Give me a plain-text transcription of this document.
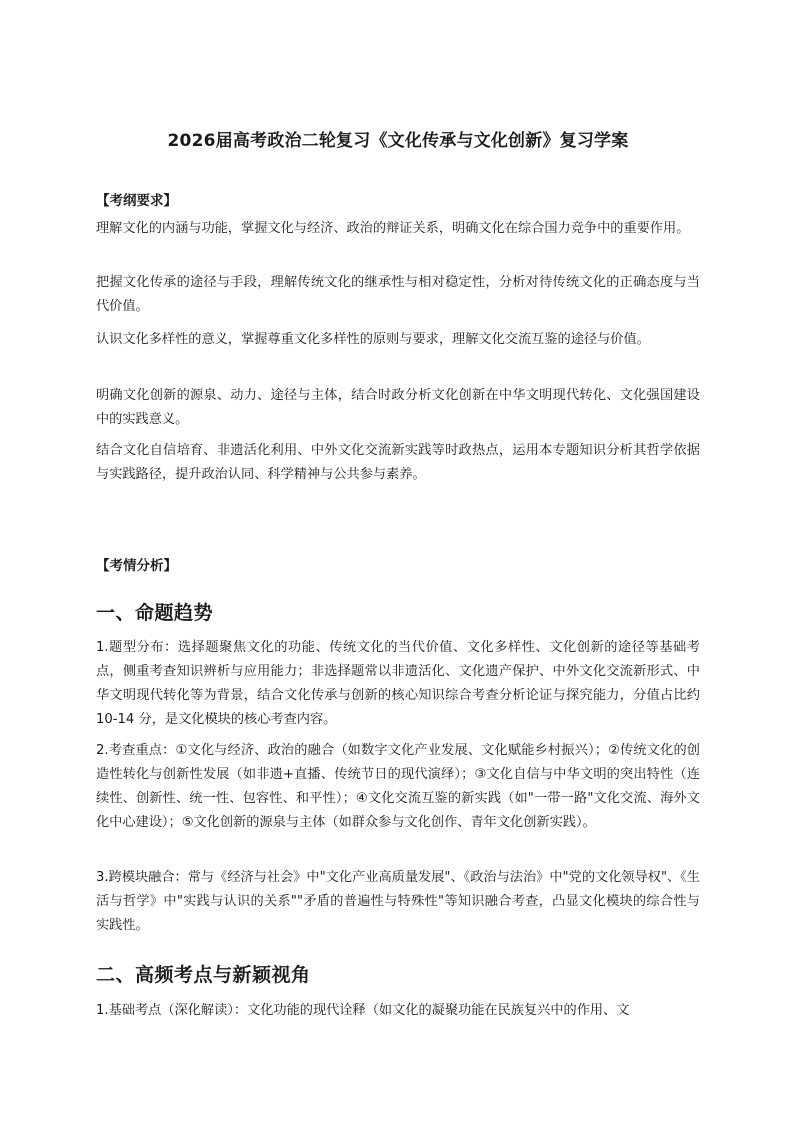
2026届高考政治二轮复习《文化传承与文化创新》复习学案

【考纲要求】

理解文化的内涵与功能，掌握文化与经济、政治的辩证关系，明确文化在综合国力竞争中的重要作用。

把握文化传承的途径与手段，理解传统文化的继承性与相对稳定性，分析对待传统文化的正确态度与当代价值。

认识文化多样性的意义，掌握尊重文化多样性的原则与要求，理解文化交流互鉴的途径与价值。

明确文化创新的源泉、动力、途径与主体，结合时政分析文化创新在中华文明现代转化、文化强国建设中的实践意义。

结合文化自信培育、非遗活化利用、中外文化交流新实践等时政热点，运用本专题知识分析其哲学依据与实践路径，提升政治认同、科学精神与公共参与素养。

【考情分析】

一、命题趋势

1.题型分布：选择题聚焦文化的功能、传统文化的当代价值、文化多样性、文化创新的途径等基础考点，侧重考查知识辨析与应用能力；非选择题常以非遗活化、文化遗产保护、中外文化交流新形式、中华文明现代转化等为背景，结合文化传承与创新的核心知识综合考查分析论证与探究能力，分值占比约10-14 分，是文化模块的核心考查内容。

2.考查重点：①文化与经济、政治的融合（如数字文化产业发展、文化赋能乡村振兴）；②传统文化的创造性转化与创新性发展（如非遗+直播、传统节日的现代演绎）；③文化自信与中华文明的突出特性（连续性、创新性、统一性、包容性、和平性）；④文化交流互鉴的新实践（如"一带一路"文化交流、海外文化中心建设）；⑤文化创新的源泉与主体（如群众参与文化创作、青年文化创新实践）。

3.跨模块融合：常与《经济与社会》中"文化产业高质量发展"、《政治与法治》中"党的文化领导权"、《生活与哲学》中"实践与认识的关系""矛盾的普遍性与特殊性"等知识融合考查，凸显文化模块的综合性与实践性。

二、高频考点与新颖视角

1.基础考点（深化解读）：文化功能的现代诠释（如文化的凝聚功能在民族复兴中的作用、文
